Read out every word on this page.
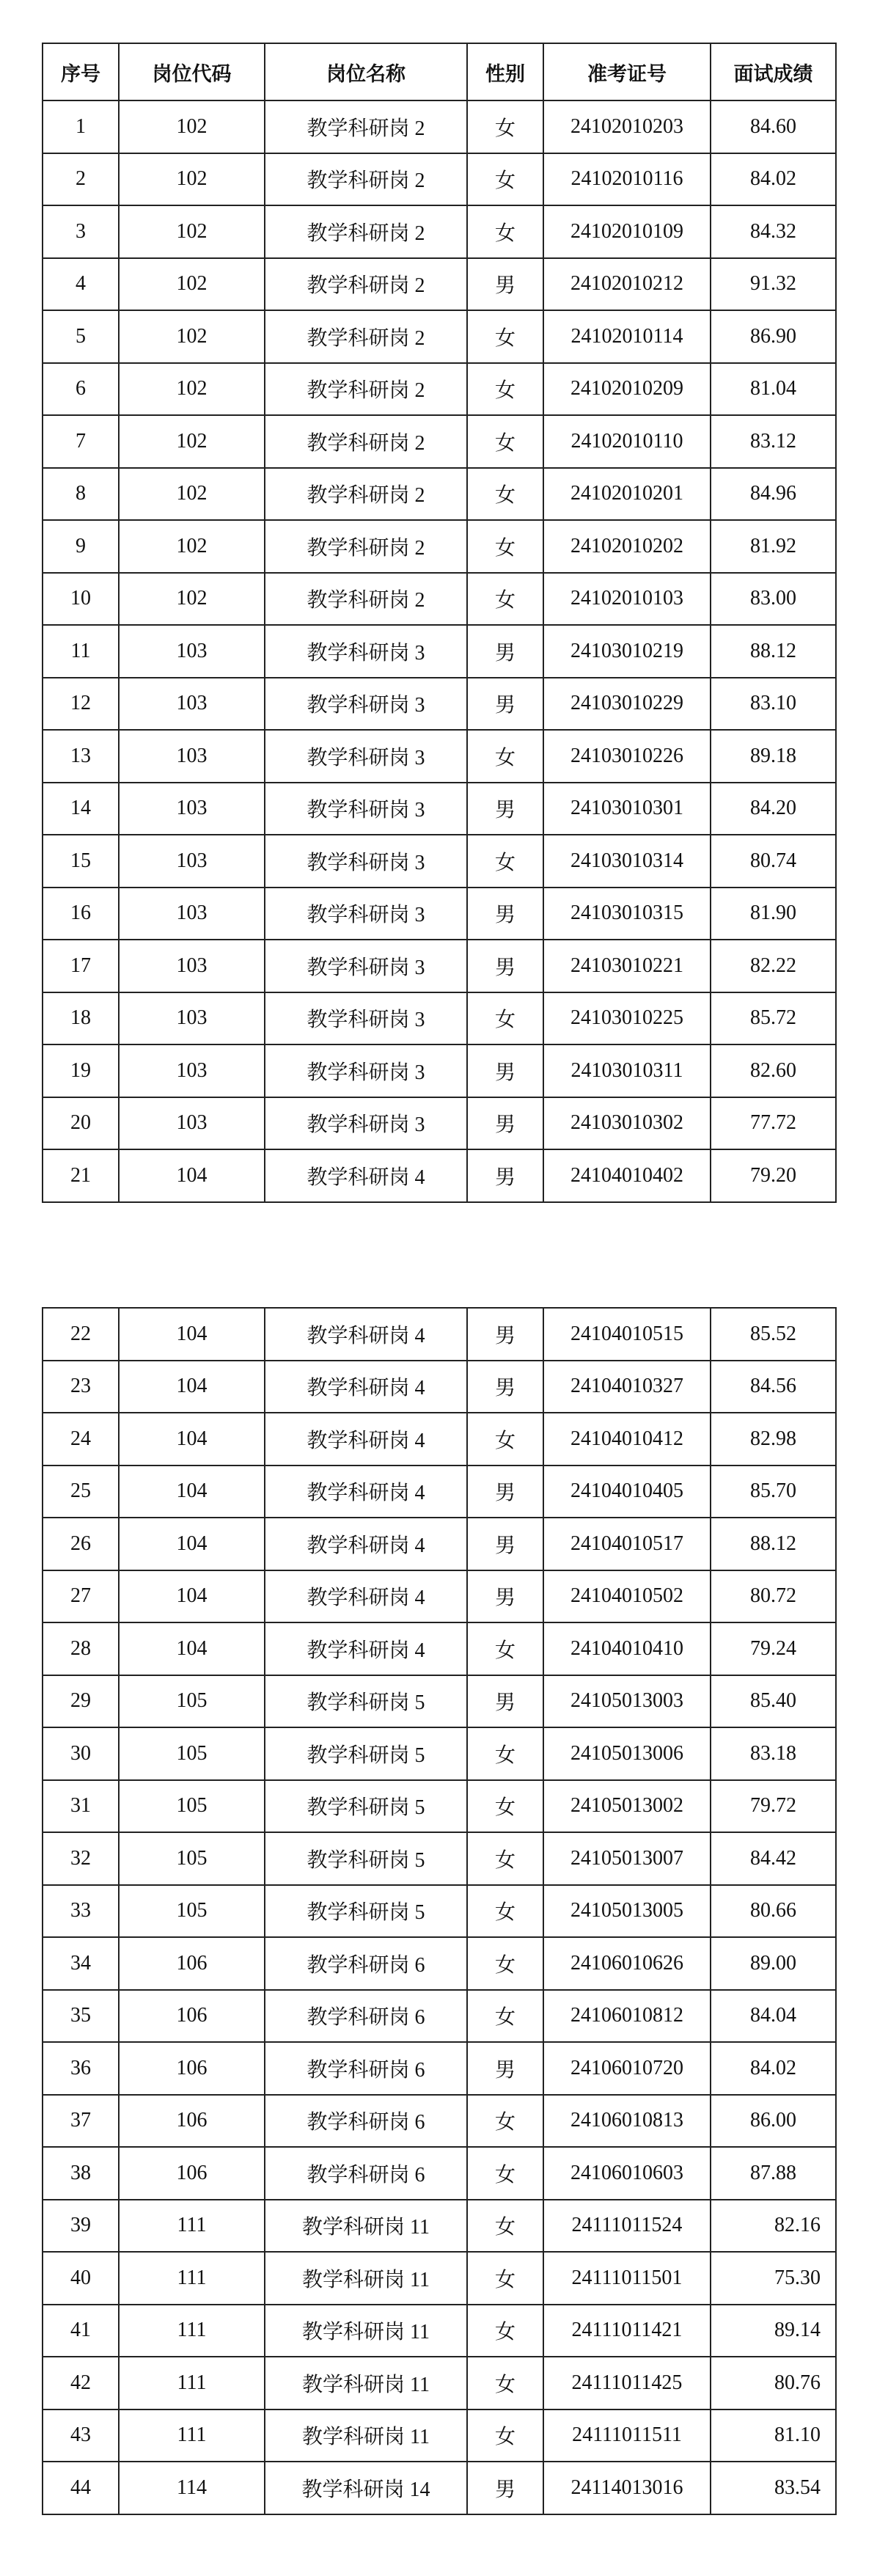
序号	岗位代码	岗位名称	性别	准考证号	面试成绩
1	102	教学科研岗 2	女	24102010203	84.60
2	102	教学科研岗 2	女	24102010116	84.02
3	102	教学科研岗 2	女	24102010109	84.32
4	102	教学科研岗 2	男	24102010212	91.32
5	102	教学科研岗 2	女	24102010114	86.90
6	102	教学科研岗 2	女	24102010209	81.04
7	102	教学科研岗 2	女	24102010110	83.12
8	102	教学科研岗 2	女	24102010201	84.96
9	102	教学科研岗 2	女	24102010202	81.92
10	102	教学科研岗 2	女	24102010103	83.00
11	103	教学科研岗 3	男	24103010219	88.12
12	103	教学科研岗 3	男	24103010229	83.10
13	103	教学科研岗 3	女	24103010226	89.18
14	103	教学科研岗 3	男	24103010301	84.20
15	103	教学科研岗 3	女	24103010314	80.74
16	103	教学科研岗 3	男	24103010315	81.90
17	103	教学科研岗 3	男	24103010221	82.22
18	103	教学科研岗 3	女	24103010225	85.72
19	103	教学科研岗 3	男	24103010311	82.60
20	103	教学科研岗 3	男	24103010302	77.72
21	104	教学科研岗 4	男	24104010402	79.20
22	104	教学科研岗 4	男	24104010515	85.52
23	104	教学科研岗 4	男	24104010327	84.56
24	104	教学科研岗 4	女	24104010412	82.98
25	104	教学科研岗 4	男	24104010405	85.70
26	104	教学科研岗 4	男	24104010517	88.12
27	104	教学科研岗 4	男	24104010502	80.72
28	104	教学科研岗 4	女	24104010410	79.24
29	105	教学科研岗 5	男	24105013003	85.40
30	105	教学科研岗 5	女	24105013006	83.18
31	105	教学科研岗 5	女	24105013002	79.72
32	105	教学科研岗 5	女	24105013007	84.42
33	105	教学科研岗 5	女	24105013005	80.66
34	106	教学科研岗 6	女	24106010626	89.00
35	106	教学科研岗 6	女	24106010812	84.04
36	106	教学科研岗 6	男	24106010720	84.02
37	106	教学科研岗 6	女	24106010813	86.00
38	106	教学科研岗 6	女	24106010603	87.88
39	111	教学科研岗 11	女	24111011524	82.16
40	111	教学科研岗 11	女	24111011501	75.30
41	111	教学科研岗 11	女	24111011421	89.14
42	111	教学科研岗 11	女	24111011425	80.76
43	111	教学科研岗 11	女	24111011511	81.10
44	114	教学科研岗 14	男	24114013016	83.54
